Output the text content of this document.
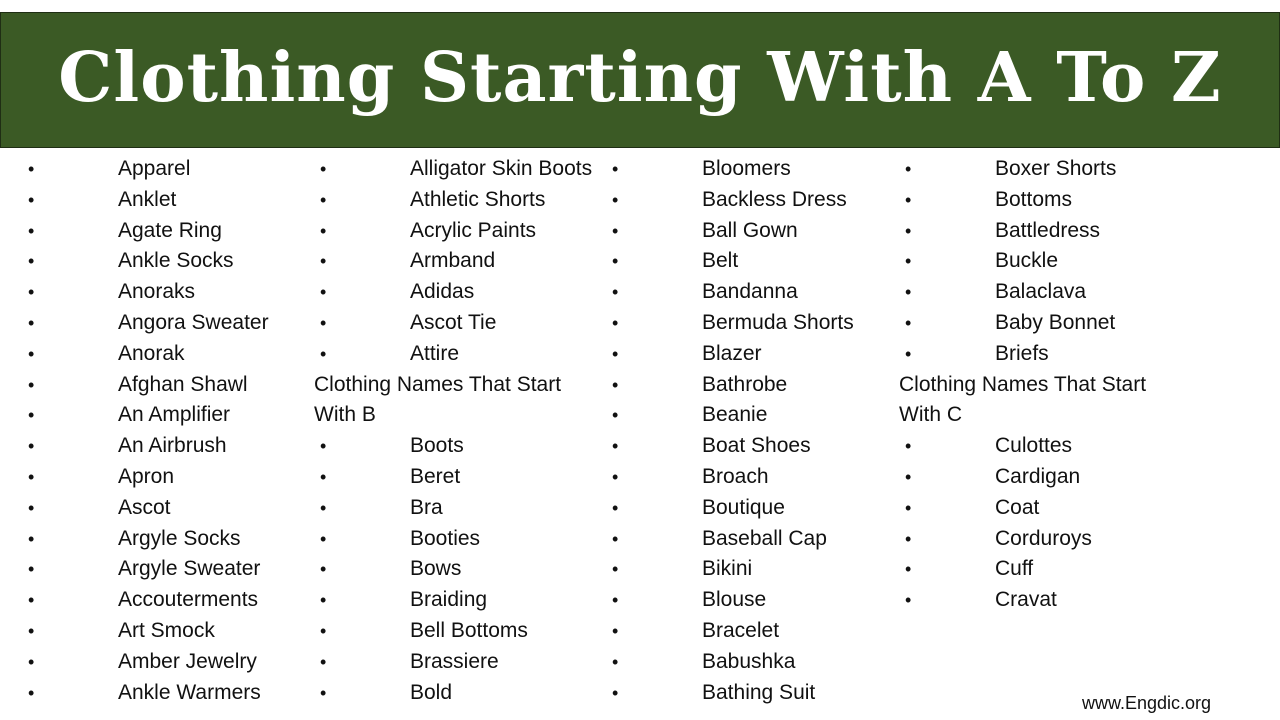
Clothing Starting With A To Z
•	Apparel
•	Anklet
•	Agate Ring
•	Ankle Socks
•	Anoraks
•	Angora Sweater
•	Anorak
•	Afghan Shawl
•	An Amplifier
•	An Airbrush
•	Apron
•	Ascot
•	Argyle Socks
•	Argyle Sweater
•	Accouterments
•	Art Smock
•	Amber Jewelry
•	Ankle Warmers
•	Alligator Skin Boots
•	Athletic Shorts
•	Acrylic Paints
•	Armband
•	Adidas
•	Ascot Tie
•	Attire
Clothing Names That Start
With B
•	Boots
•	Beret
•	Bra
•	Booties
•	Bows
•	Braiding
•	Bell Bottoms
•	Brassiere
•	Bold
•	Bloomers
•	Backless Dress
•	Ball Gown
•	Belt
•	Bandanna
•	Bermuda Shorts
•	Blazer
•	Bathrobe
•	Beanie
•	Boat Shoes
•	Broach
•	Boutique
•	Baseball Cap
•	Bikini
•	Blouse
•	Bracelet
•	Babushka
•	Bathing Suit
•	Boxer Shorts
•	Bottoms
•	Battledress
•	Buckle
•	Balaclava
•	Baby Bonnet
•	Briefs
Clothing Names That Start
With C
•	Culottes
•	Cardigan
•	Coat
•	Corduroys
•	Cuff
•	Cravat
www.Engdic.org
